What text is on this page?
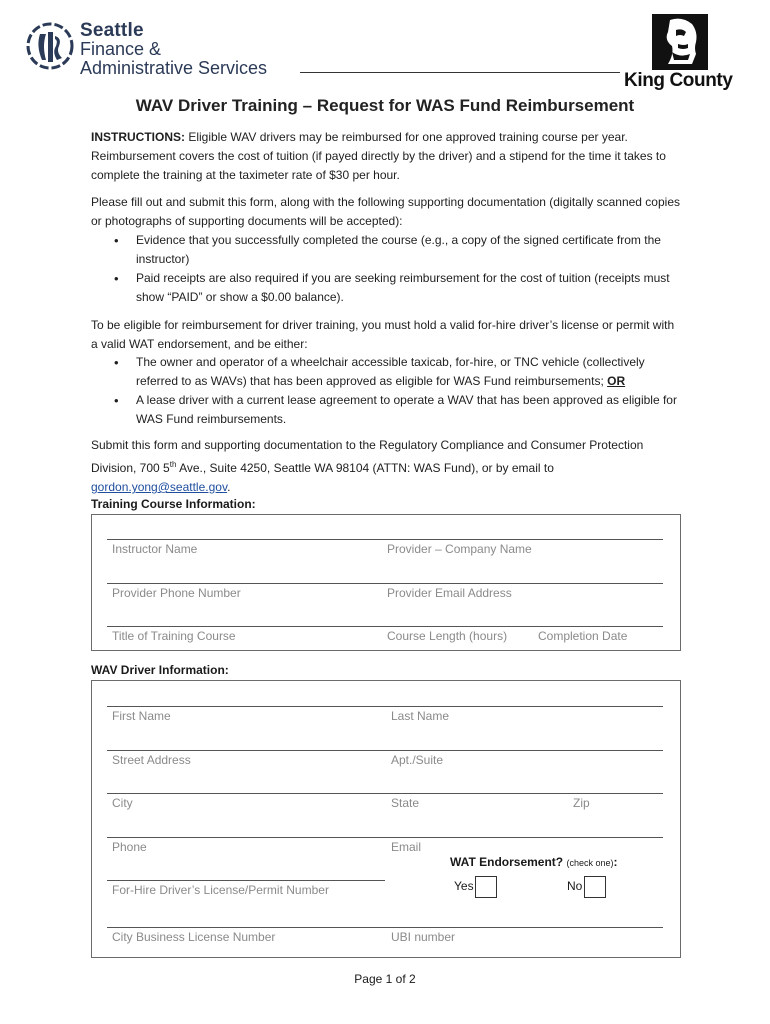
Seattle
Finance &
Administrative Services
King County
WAV Driver Training – Request for WAS Fund Reimbursement
INSTRUCTIONS: Eligible WAV drivers may be reimbursed for one approved training course per year. Reimbursement covers the cost of tuition (if payed directly by the driver) and a stipend for the time it takes to complete the training at the taximeter rate of $30 per hour.
Please fill out and submit this form, along with the following supporting documentation (digitally scanned copies or photographs of supporting documents will be accepted):
• Evidence that you successfully completed the course (e.g., a copy of the signed certificate from the instructor)
• Paid receipts are also required if you are seeking reimbursement for the cost of tuition (receipts must show “PAID” or show a $0.00 balance).
To be eligible for reimbursement for driver training, you must hold a valid for-hire driver’s license or permit with a valid WAT endorsement, and be either:
• The owner and operator of a wheelchair accessible taxicab, for-hire, or TNC vehicle (collectively referred to as WAVs) that has been approved as eligible for WAS Fund reimbursements; OR
• A lease driver with a current lease agreement to operate a WAV that has been approved as eligible for WAS Fund reimbursements.
Submit this form and supporting documentation to the Regulatory Compliance and Consumer Protection Division, 700 5th Ave., Suite 4250, Seattle WA 98104 (ATTN: WAS Fund), or by email to gordon.yong@seattle.gov.
Training Course Information:
Instructor Name	Provider – Company Name
Provider Phone Number	Provider Email Address
Title of Training Course	Course Length (hours)	Completion Date
WAV Driver Information:
First Name	Last Name
Street Address	Apt./Suite
City	State	Zip
Phone	Email
For-Hire Driver’s License/Permit Number
City Business License Number	UBI number
WAT Endorsement? (check one):
Yes	No
Page 1 of 2
